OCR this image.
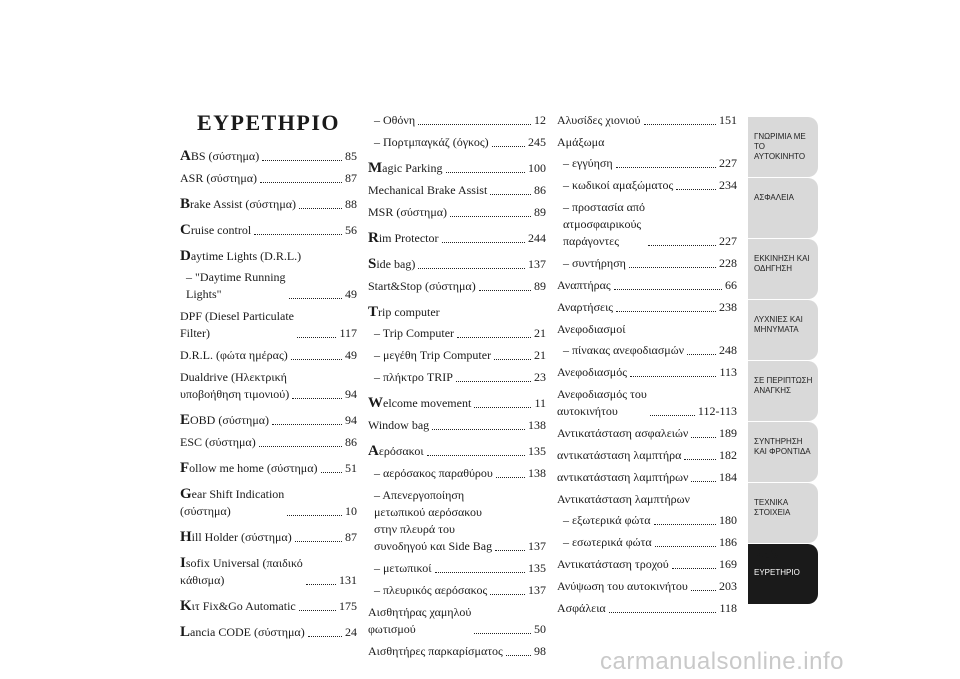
ΕΥΡΕΤΗΡΙΟ
ABS (σύστημα)	85
ASR (σύστημα)	87
Brake Assist (σύστημα)	88
Cruise control	56
Daytime Lights (D.R.L.)
– "Daytime Running
Lights"	49
DPF (Diesel Particulate
Filter)	117
D.R.L. (φώτα ημέρας)	49
Dualdrive (Ηλεκτρική
υποβοήθηση τιμονιού)	94
EOBD (σύστημα)	94
ESC (σύστημα)	86
Follow me home (σύστημα) 51
Gear Shift Indication
(σύστημα)	10
Hill Holder (σύστημα)	87
Isofix Universal (παιδικό
κάθισμα)	131
Kιτ Fix&Go Automatic	175
Lancia CODE (σύστημα)	24
– Οθόνη	12
– Πορτμπαγκάζ (όγκος)	245
Magic Parking	100
Mechanical Brake Assist	86
MSR (σύστημα)	89
Rim Protector	244
Side bag)	137
Start&Stop (σύστημα)	89
Trip computer
– Trip Computer	21
– μεγέθη Trip Computer	21
– πλήκτρο TRIP	23
Welcome movement	11
Window bag	138
Aερόσακοι	135
– αερόσακος παραθύρου	138
– Απενεργοποίηση
μετωπικού αερόσακου
στην πλευρά του
συνοδηγού και Side Bag	137
– μετωπικοί	135
– πλευρικός αερόσακος	137
Αισθητήρας χαμηλού
φωτισμού	50
Αισθητήρες παρκαρίσματος	98
Αλυσίδες χιονιού	151
Αμάξωμα
– εγγύηση	227
– κωδικοί αμαξώματος	234
– προστασία από
ατμοσφαιρικούς
παράγοντες	227
– συντήρηση	228
Αναπτήρας	66
Αναρτήσεις	238
Ανεφοδιασμοί
– πίνακας ανεφοδιασμών	248
Ανεφοδιασμός	113
Ανεφοδιασμός του
αυτοκινήτου	112-113
Αντικατάσταση ασφαλειών	189
αντικατάσταση λαμπτήρα	182
αντικατάσταση λαμπτήρων	184
Αντικατάσταση λαμπτήρων
– εξωτερικά φώτα	180
– εσωτερικά φώτα	186
Αντικατάσταση τροχού	169
Ανύψωση του αυτοκινήτου	203
Ασφάλεια	118
ΓΝΩΡΙΜΙΑ ΜΕ ΤΟ ΑΥΤΟΚΙΝΗΤΟ
ΑΣΦΑΛΕΙΑ
ΕΚΚΙΝΗΣΗ ΚΑΙ ΟΔΗΓΗΣΗ
ΛΥΧΝΙΕΣ ΚΑΙ ΜΗΝΥΜΑΤΑ
ΣΕ ΠΕΡΙΠΤΩΣΗ ΑΝΑΓΚΗΣ
ΣΥΝΤΗΡΗΣΗ ΚΑΙ ΦΡΟΝΤΙΔΑ
ΤΕΧΝΙΚΑ ΣΤΟΙΧΕΙΑ
ΕΥΡΕΤΗΡΙΟ
299
carmanualsonline.info
